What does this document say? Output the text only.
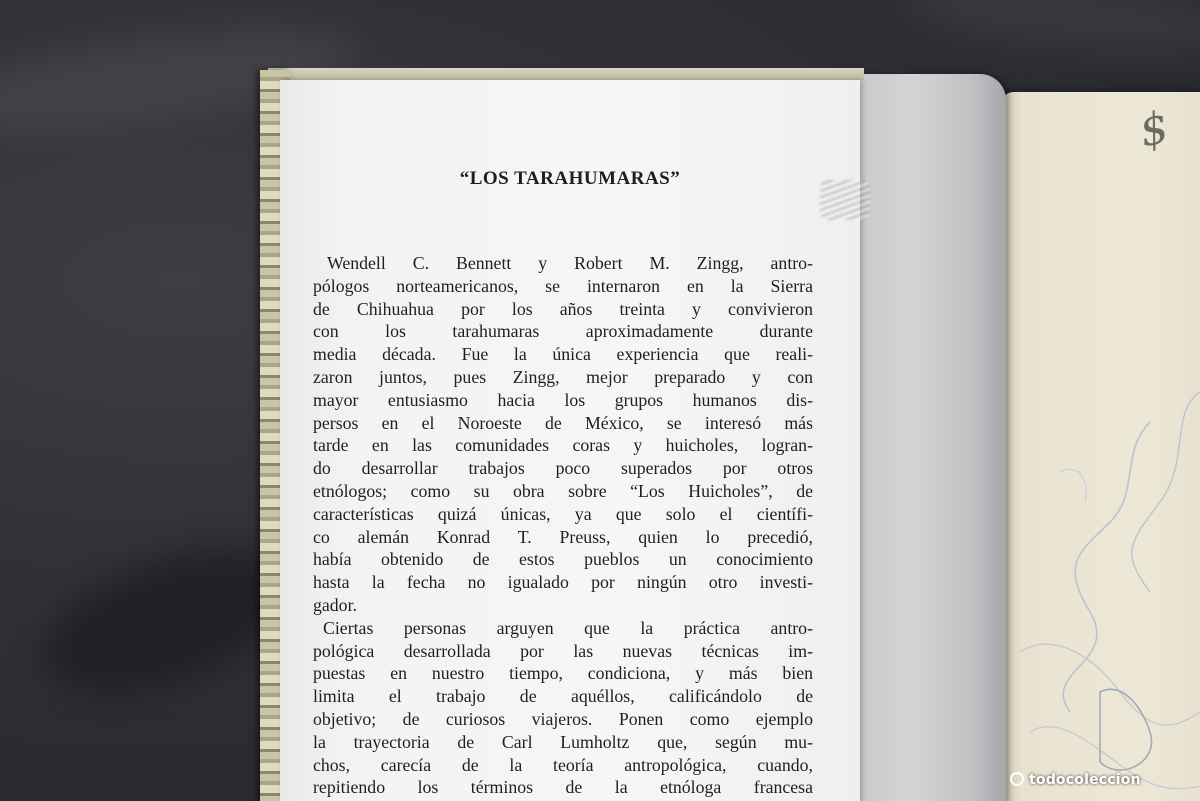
$
“LOS TARAHUMARAS”
Wendell C. Bennett y Robert M. Zingg, antro-
pólogos norteamericanos, se internaron en la Sierra
de Chihuahua por los años treinta y convivieron
con los tarahumaras aproximadamente durante
media década. Fue la única experiencia que reali-
zaron juntos, pues Zingg, mejor preparado y con
mayor entusiasmo hacia los grupos humanos dis-
persos en el Noroeste de México, se interesó más
tarde en las comunidades coras y huicholes, logran-
do desarrollar trabajos poco superados por otros
etnólogos; como su obra sobre “Los Huicholes”, de
características quizá únicas, ya que solo el científi-
co alemán Konrad T. Preuss, quien lo precedió,
había obtenido de estos pueblos un conocimiento
hasta la fecha no igualado por ningún otro investi-
gador.
Ciertas personas arguyen que la práctica antro-
pológica desarrollada por las nuevas técnicas im-
puestas en nuestro tiempo, condiciona, y más bien
limita el trabajo de aquéllos, calificándolo de
objetivo; de curiosos viajeros. Ponen como ejemplo
la trayectoria de Carl Lumholtz que, según mu-
chos, carecía de la teoría antropológica, cuando,
repitiendo los términos de la etnóloga francesa	todocoleccion
